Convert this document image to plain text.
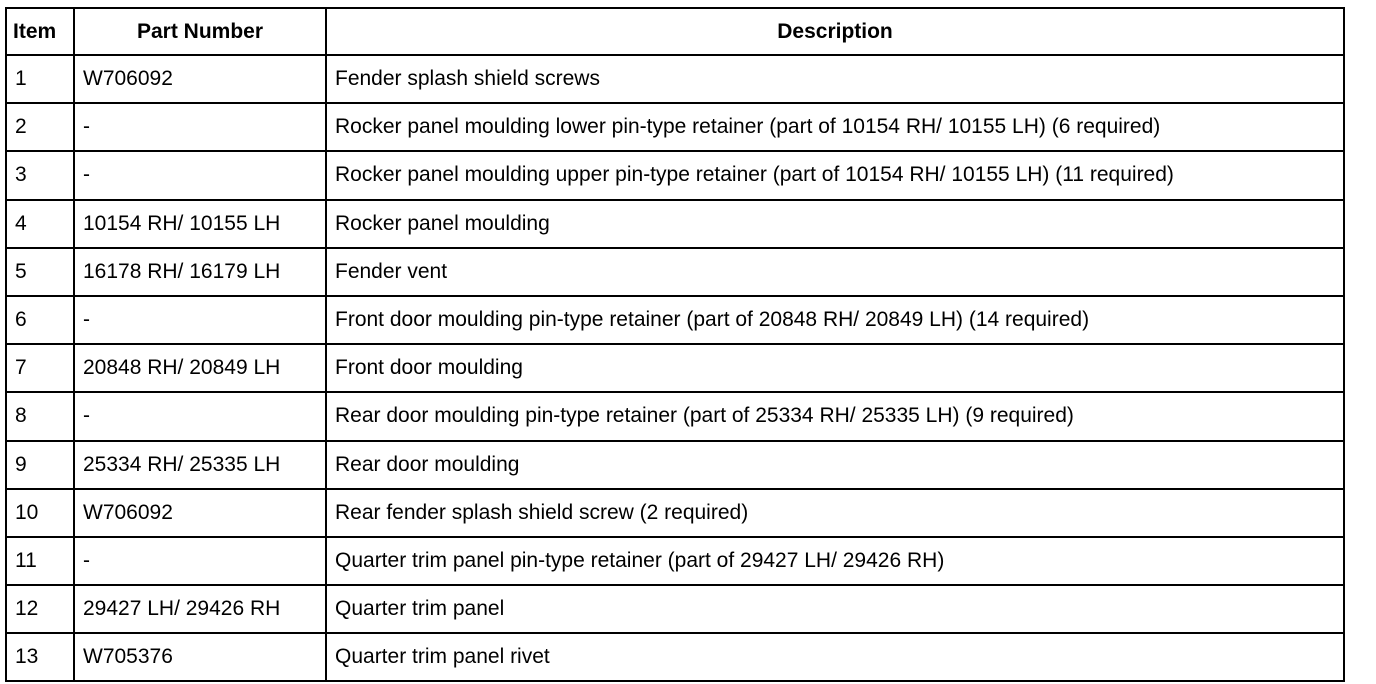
Item	Part Number	Description
1	W706092	Fender splash shield screws
2	-	Rocker panel moulding lower pin-type retainer (part of 10154 RH/ 10155 LH) (6 required)
3	-	Rocker panel moulding upper pin-type retainer (part of 10154 RH/ 10155 LH) (11 required)
4	10154 RH/ 10155 LH	Rocker panel moulding
5	16178 RH/ 16179 LH	Fender vent
6	-	Front door moulding pin-type retainer (part of 20848 RH/ 20849 LH) (14 required)
7	20848 RH/ 20849 LH	Front door moulding
8	-	Rear door moulding pin-type retainer (part of 25334 RH/ 25335 LH) (9 required)
9	25334 RH/ 25335 LH	Rear door moulding
10	W706092	Rear fender splash shield screw (2 required)
11	-	Quarter trim panel pin-type retainer (part of 29427 LH/ 29426 RH)
12	29427 LH/ 29426 RH	Quarter trim panel
13	W705376	Quarter trim panel rivet
